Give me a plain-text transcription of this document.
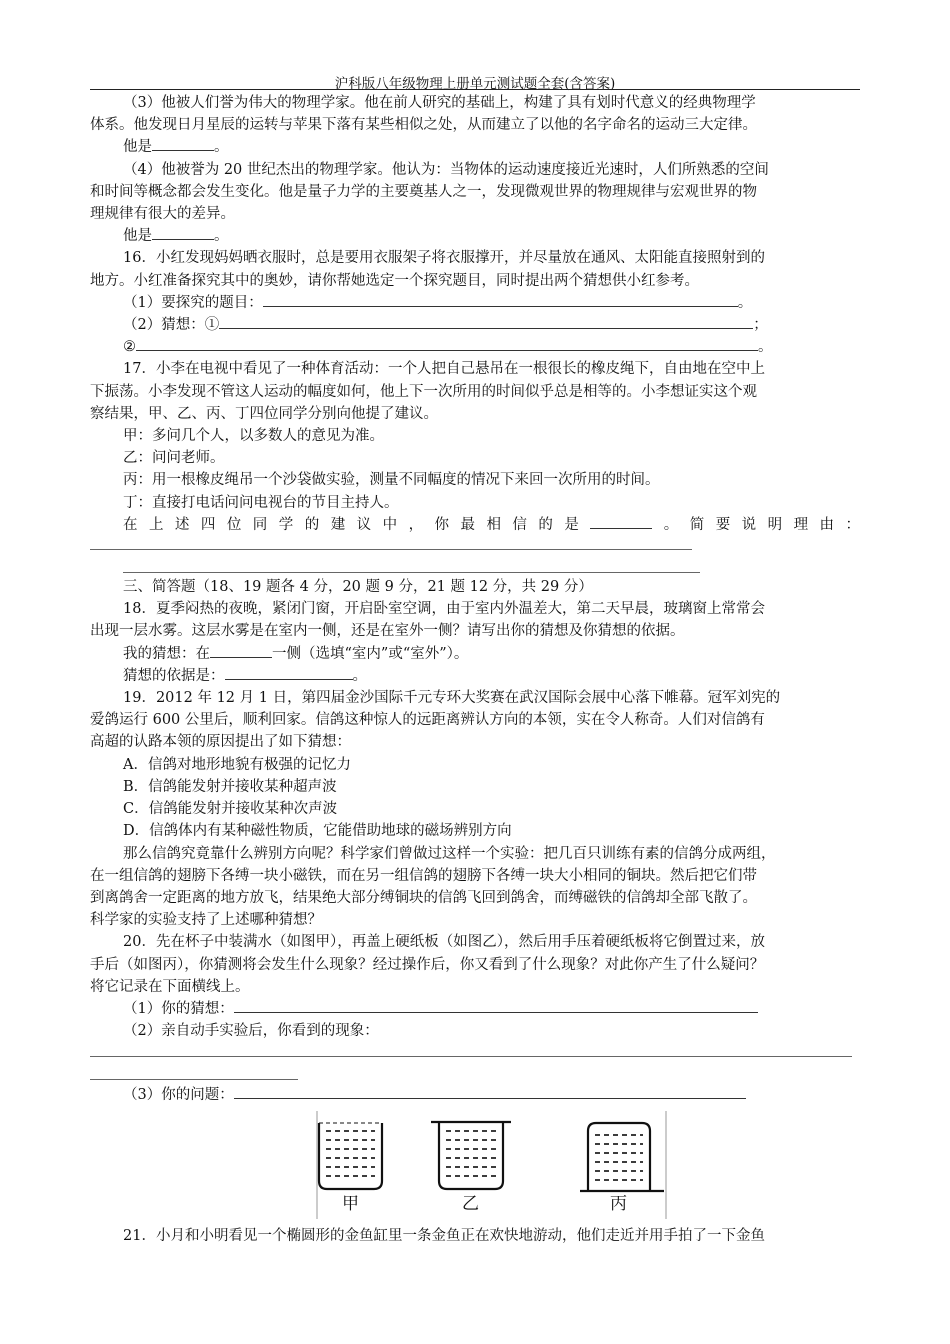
沪科版八年级物理上册单元测试题全套(含答案)

（3）他被人们誉为伟大的物理学家。他在前人研究的基础上，构建了具有划时代意义的经典物理学

体系。他发现日月星辰的运转与苹果下落有某些相似之处，从而建立了以他的名字命名的运动三大定律。

他是	。

（4）他被誉为 20 世纪杰出的物理学家。他认为：当物体的运动速度接近光速时，人们所熟悉的空间

和时间等概念都会发生变化。他是量子力学的主要奠基人之一，发现微观世界的物理规律与宏观世界的物

理规律有很大的差异。

他是	。

16．小红发现妈妈晒衣服时，总是要用衣服架子将衣服撑开，并尽量放在通风、太阳能直接照射到的

地方。小红准备探究其中的奥妙，请你帮她选定一个探究题目，同时提出两个猜想供小红参考。

（1）要探究的题目：	。

（2）猜想：①	；

②	。

17．小李在电视中看见了一种体育活动：一个人把自己悬吊在一根很长的橡皮绳下，自由地在空中上

下振荡。小李发现不管这人运动的幅度如何，他上下一次所用的时间似乎总是相等的。小李想证实这个观

察结果，甲、乙、丙、丁四位同学分别向他提了建议。

甲：多问几个人，以多数人的意见为准。

乙：问问老师。

丙：用一根橡皮绳吊一个沙袋做实验，测量不同幅度的情况下来回一次所用的时间。

丁：直接打电话问问电视台的节目主持人。

在上述四位同学的建议中，你最相信的是	。简要说明理由：

三、简答题（18、19 题各 4 分，20 题 9 分，21 题 12 分，共 29 分）

18．夏季闷热的夜晚，紧闭门窗，开启卧室空调，由于室内外温差大，第二天早晨，玻璃窗上常常会

出现一层水雾。这层水雾是在室内一侧，还是在室外一侧？请写出你的猜想及你猜想的依据。

我的猜想：在	一侧（选填“室内”或“室外”）。

猜想的依据是：	。

19．2012 年 12 月 1 日，第四届金沙国际千元专环大奖赛在武汉国际会展中心落下帷幕。冠军刘宪的

爱鸽运行 600 公里后，顺利回家。信鸽这种惊人的远距离辨认方向的本领，实在令人称奇。人们对信鸽有

高超的认路本领的原因提出了如下猜想：

A．信鸽对地形地貌有极强的记忆力

B．信鸽能发射并接收某种超声波

C．信鸽能发射并接收某种次声波

D．信鸽体内有某种磁性物质，它能借助地球的磁场辨别方向

那么信鸽究竟靠什么辨别方向呢？科学家们曾做过这样一个实验：把几百只训练有素的信鸽分成两组，

在一组信鸽的翅膀下各缚一块小磁铁，而在另一组信鸽的翅膀下各缚一块大小相同的铜块。然后把它们带

到离鸽舍一定距离的地方放飞，结果绝大部分缚铜块的信鸽飞回到鸽舍，而缚磁铁的信鸽却全部飞散了。

科学家的实验支持了上述哪种猜想？

20．先在杯子中装满水（如图甲），再盖上硬纸板（如图乙），然后用手压着硬纸板将它倒置过来，放

手后（如图丙），你猜测将会发生什么现象？经过操作后，你又看到了什么现象？对此你产生了什么疑问？

将它记录在下面横线上。

（1）你的猜想：

（2）亲自动手实验后，你看到的现象：

（3）你的问题：

甲	乙	丙

21．小月和小明看见一个椭圆形的金鱼缸里一条金鱼正在欢快地游动，他们走近并用手拍了一下金鱼
